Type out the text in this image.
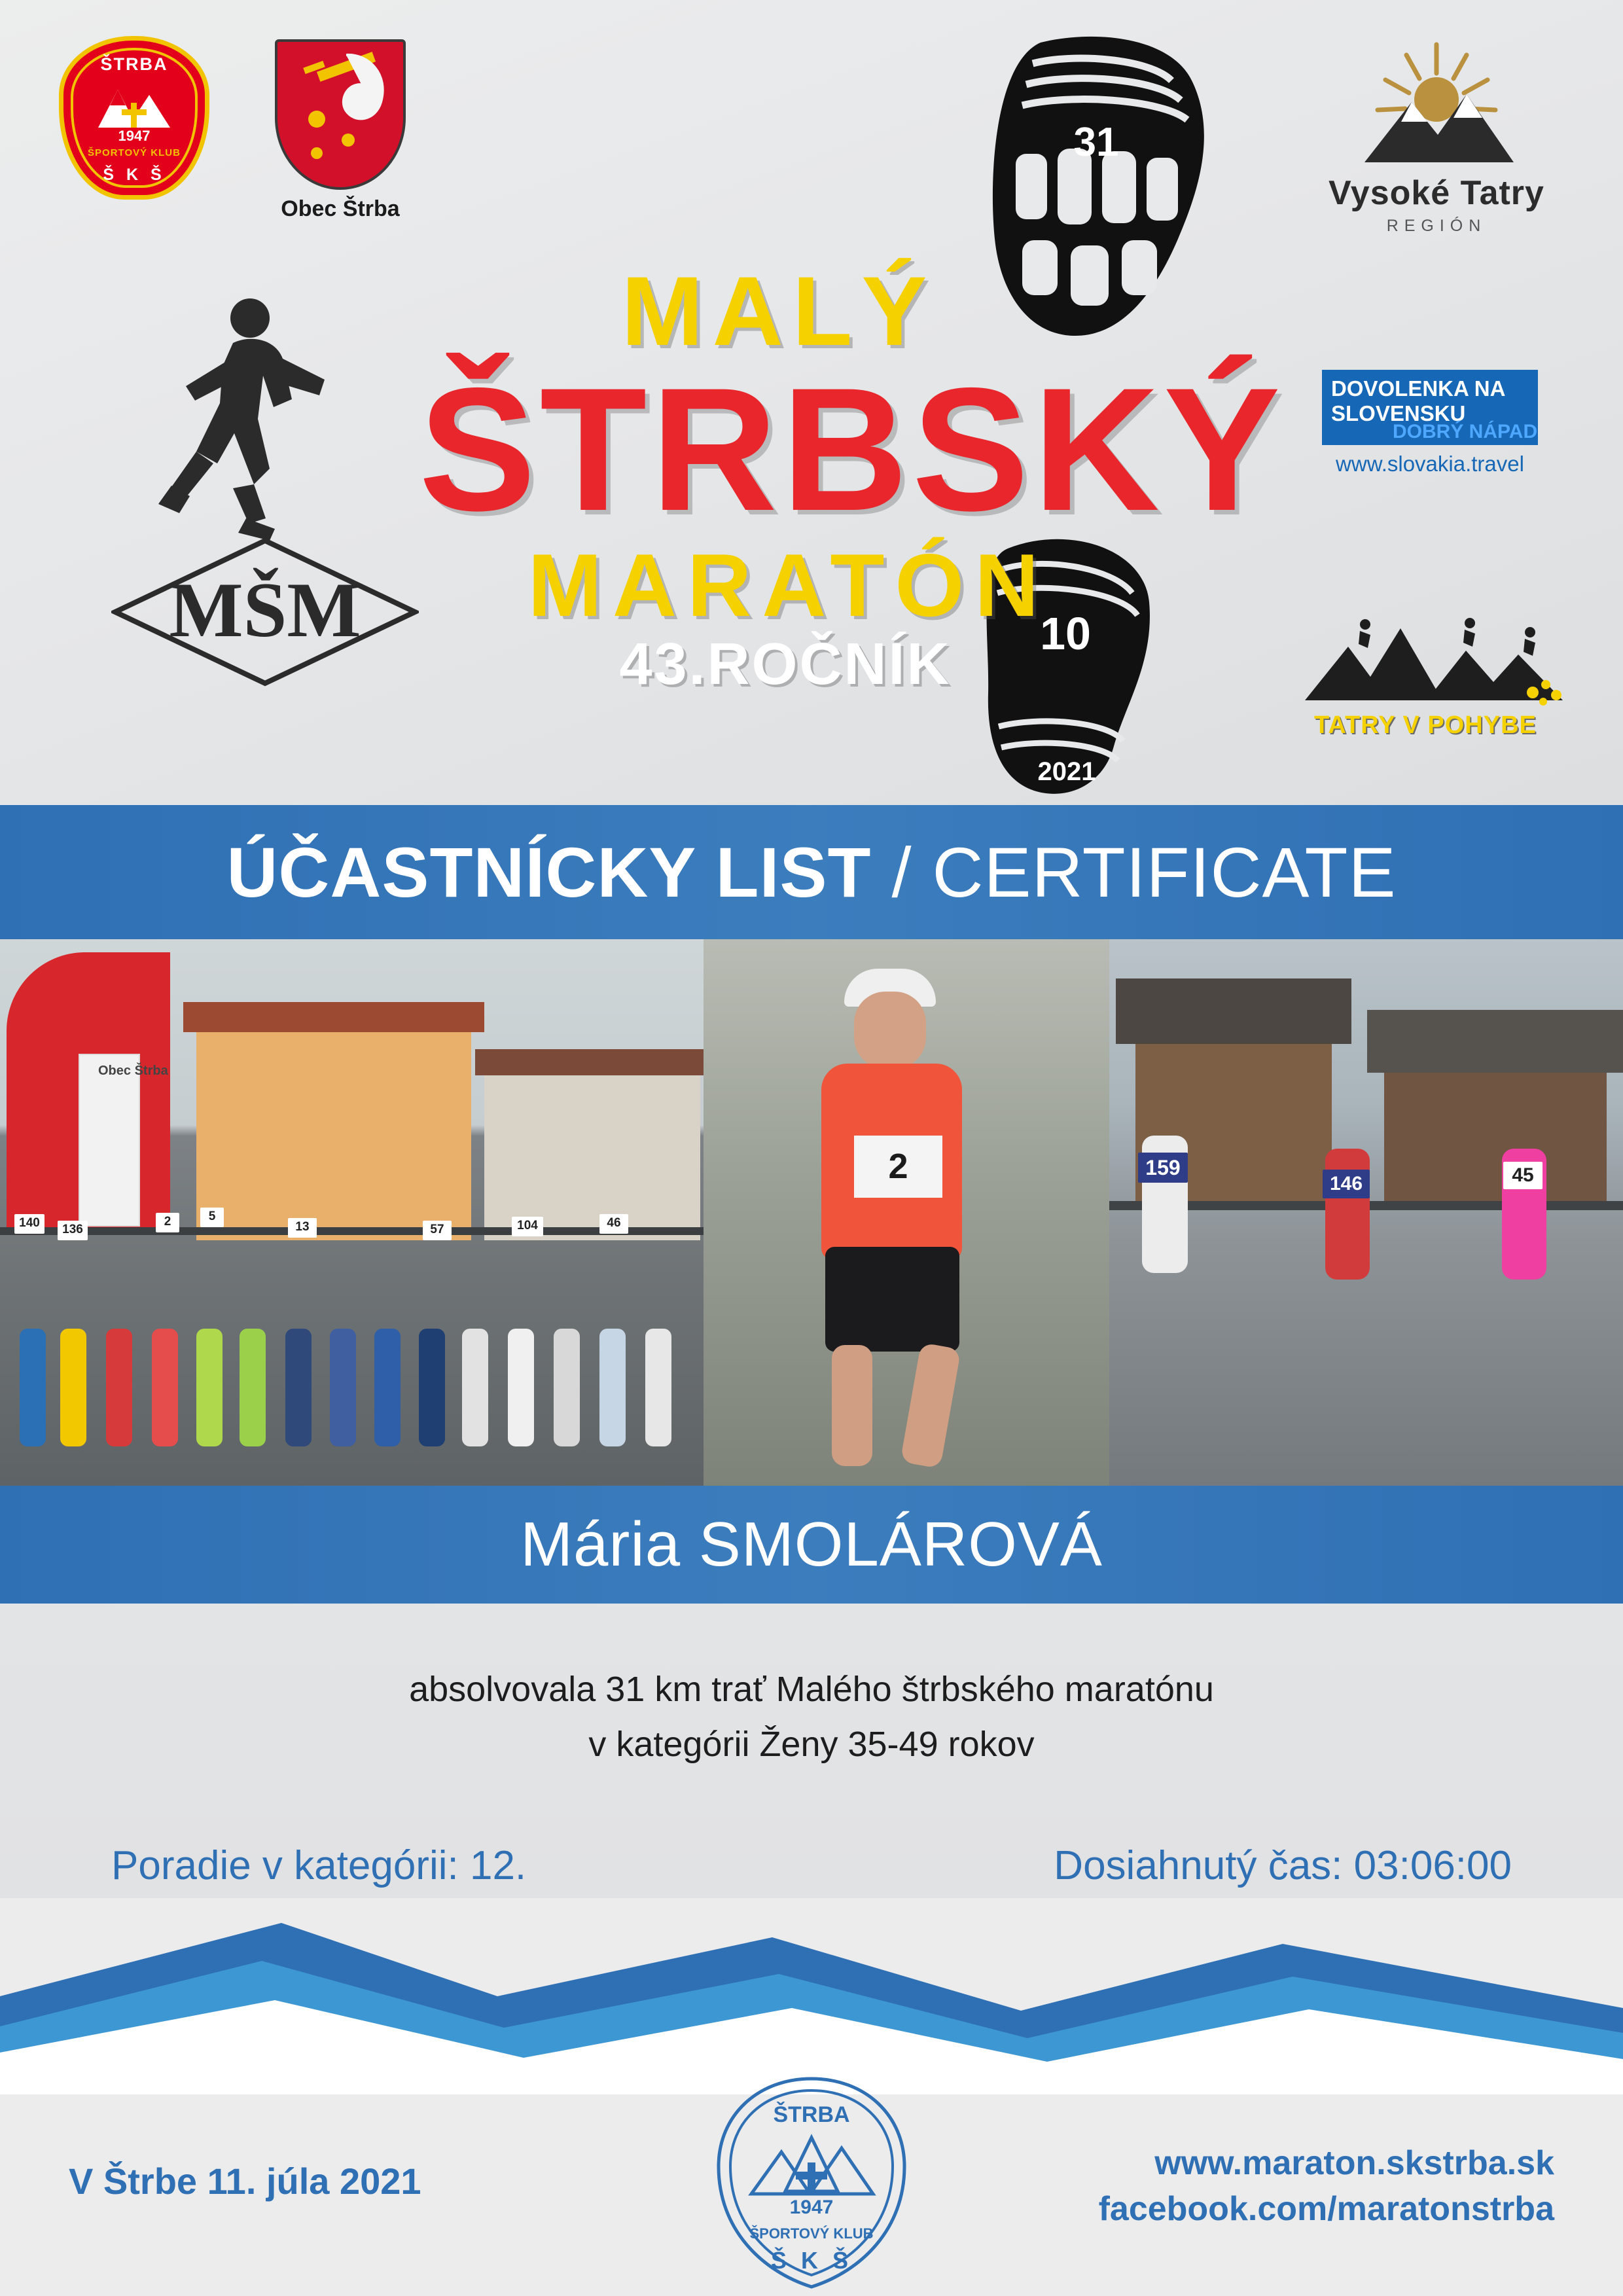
ŠTRBA
1947
ŠPORTOVÝ KLUB
Š K Š
Obec Štrba
MŠM
31
10
2021
MALÝ
ŠTRBSKÝ
MARATÓN
43.ROČNÍK
Vysoké Tatry
REGIÓN
DOVOLENKA NA
SLOVENSKU
DOBRÝ NÁPAD
www.slovakia.travel
TATRY V POHYBE
ÚČASTNÍCKY LIST / CERTIFICATE
Obec Štrba
140	136
2	5
13	57	104	46
2	159
146	45
Mária SMOLÁROVÁ
absolvovala 31 km trať Malého štrbského maratónu
v kategórii Ženy 35-49 rokov
Poradie v kategórii: 12.	Dosiahnutý čas: 03:06:00
V Štrbe 11. júla 2021
ŠTRBA
1947
ŠPORTOVÝ KLUB
Š K Š
www.maraton.skstrba.sk
facebook.com/maratonstrba
